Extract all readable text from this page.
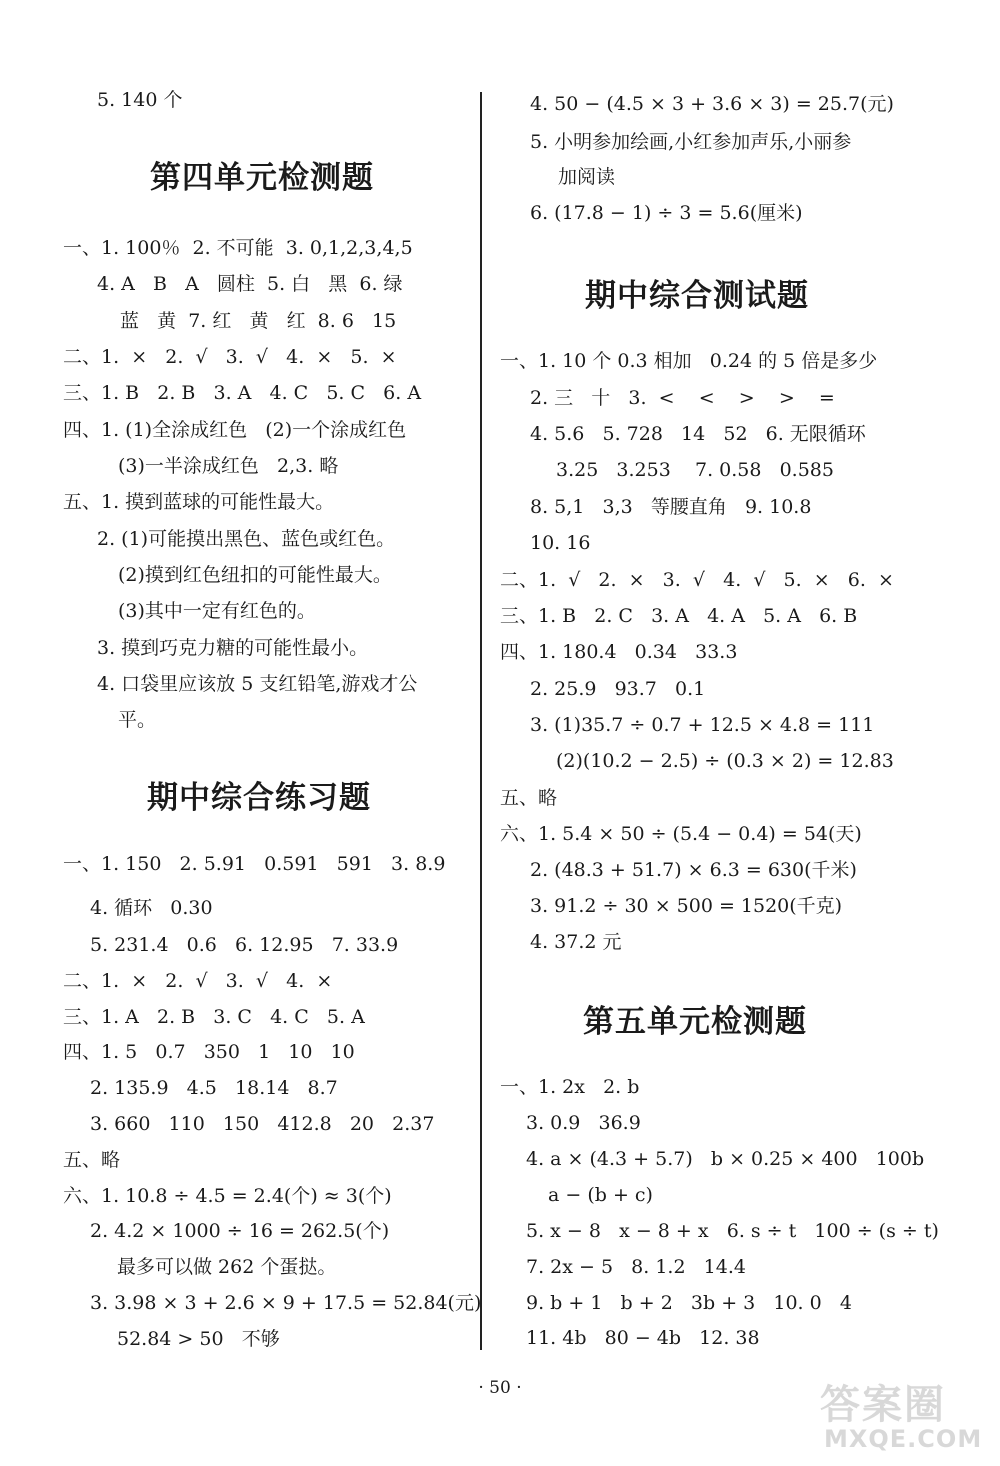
5. 140 个
第四单元检测题
一、1. 100％  2. 不可能  3. 0,1,2,3,4,5
4. A   B   A   圆柱  5. 白   黑  6. 绿
蓝   黄  7. 红   黄   红  8. 6   15
二、1.  ×   2.  √   3.  √   4.  ×   5.  ×
三、1. B   2. B   3. A   4. C   5. C   6. A
四、1. (1)全涂成红色   (2)一个涂成红色
(3)一半涂成红色   2,3. 略
五、1. 摸到蓝球的可能性最大。
2. (1)可能摸出黑色、蓝色或红色。
(2)摸到红色纽扣的可能性最大。
(3)其中一定有红色的。
3. 摸到巧克力糖的可能性最小。
4. 口袋里应该放 5 支红铅笔,游戏才公
平。
期中综合练习题
一、1. 150   2. 5.91   0.591   591   3. 8.9
4. 循环   0.30
5. 231.4   0.6   6. 12.95   7. 33.9
二、1.  ×   2.  √   3.  √   4.  ×
三、1. A   2. B   3. C   4. C   5. A
四、1. 5   0.7   350   1   10   10
2. 135.9   4.5   18.14   8.7
3. 660   110   150   412.8   20   2.37
五、略
六、1. 10.8 ÷ 4.5 = 2.4(个) ≈ 3(个)
2. 4.2 × 1000 ÷ 16 = 262.5(个)
最多可以做 262 个蛋挞。
3. 3.98 × 3 + 2.6 × 9 + 17.5 = 52.84(元)
52.84 > 50   不够
4. 50 − (4.5 × 3 + 3.6 × 3) = 25.7(元)
5. 小明参加绘画,小红参加声乐,小丽参
加阅读
6. (17.8 − 1) ÷ 3 = 5.6(厘米)
期中综合测试题
一、1. 10 个 0.3 相加   0.24 的 5 倍是多少
2. 三   十   3.  <    <    >    >    =
4. 5.6   5. 728   14   52   6. 无限循环
3.25   3.253    7. 0.58   0.585
8. 5,1   3,3   等腰直角   9. 10.8
10. 16
二、1.  √   2.  ×   3.  √   4.  √   5.  ×   6.  ×
三、1. B   2. C   3. A   4. A   5. A   6. B
四、1. 180.4   0.34   33.3
2. 25.9   93.7   0.1
3. (1)35.7 ÷ 0.7 + 12.5 × 4.8 = 111
(2)(10.2 − 2.5) ÷ (0.3 × 2) = 12.83
五、略
六、1. 5.4 × 50 ÷ (5.4 − 0.4) = 54(天)
2. (48.3 + 51.7) × 6.3 = 630(千米)
3. 91.2 ÷ 30 × 500 = 1520(千克)
4. 37.2 元
第五单元检测题
一、1. 2x   2. b
3. 0.9   36.9
4. a × (4.3 + 5.7)   b × 0.25 × 400   100b
a − (b + c)
5. x − 8   x − 8 + x   6. s ÷ t   100 ÷ (s ÷ t)
7. 2x − 5   8. 1.2   14.4
9. b + 1   b + 2   3b + 3   10. 0   4
11. 4b   80 − 4b   12. 38
· 50 ·	答案圈
MXQE.COM
